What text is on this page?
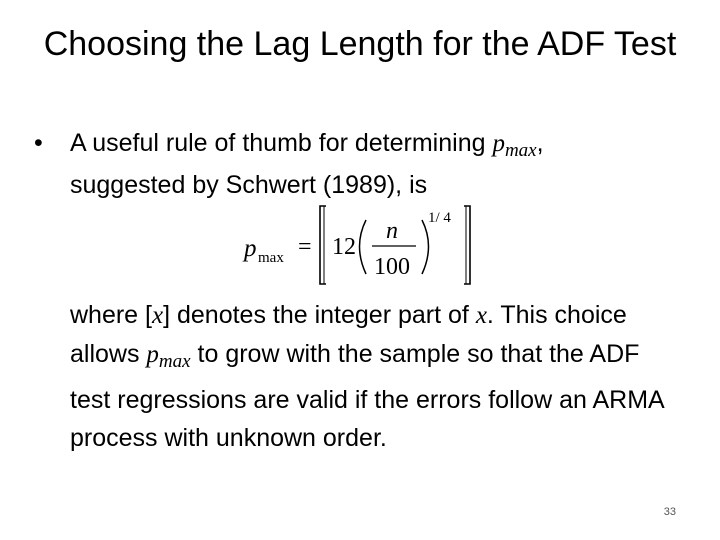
Choosing the Lag Length for the ADF Test
•	A useful rule of thumb for determining $p_{max}$,
suggested by Schwert (1989), is
p max = 12
n
100
1/ 4
where [x] denotes the integer part of x. This choice allows $p_{max}$ to grow with the sample so that the ADF test regressions are valid if the errors follow an ARMA process with unknown order.
33
